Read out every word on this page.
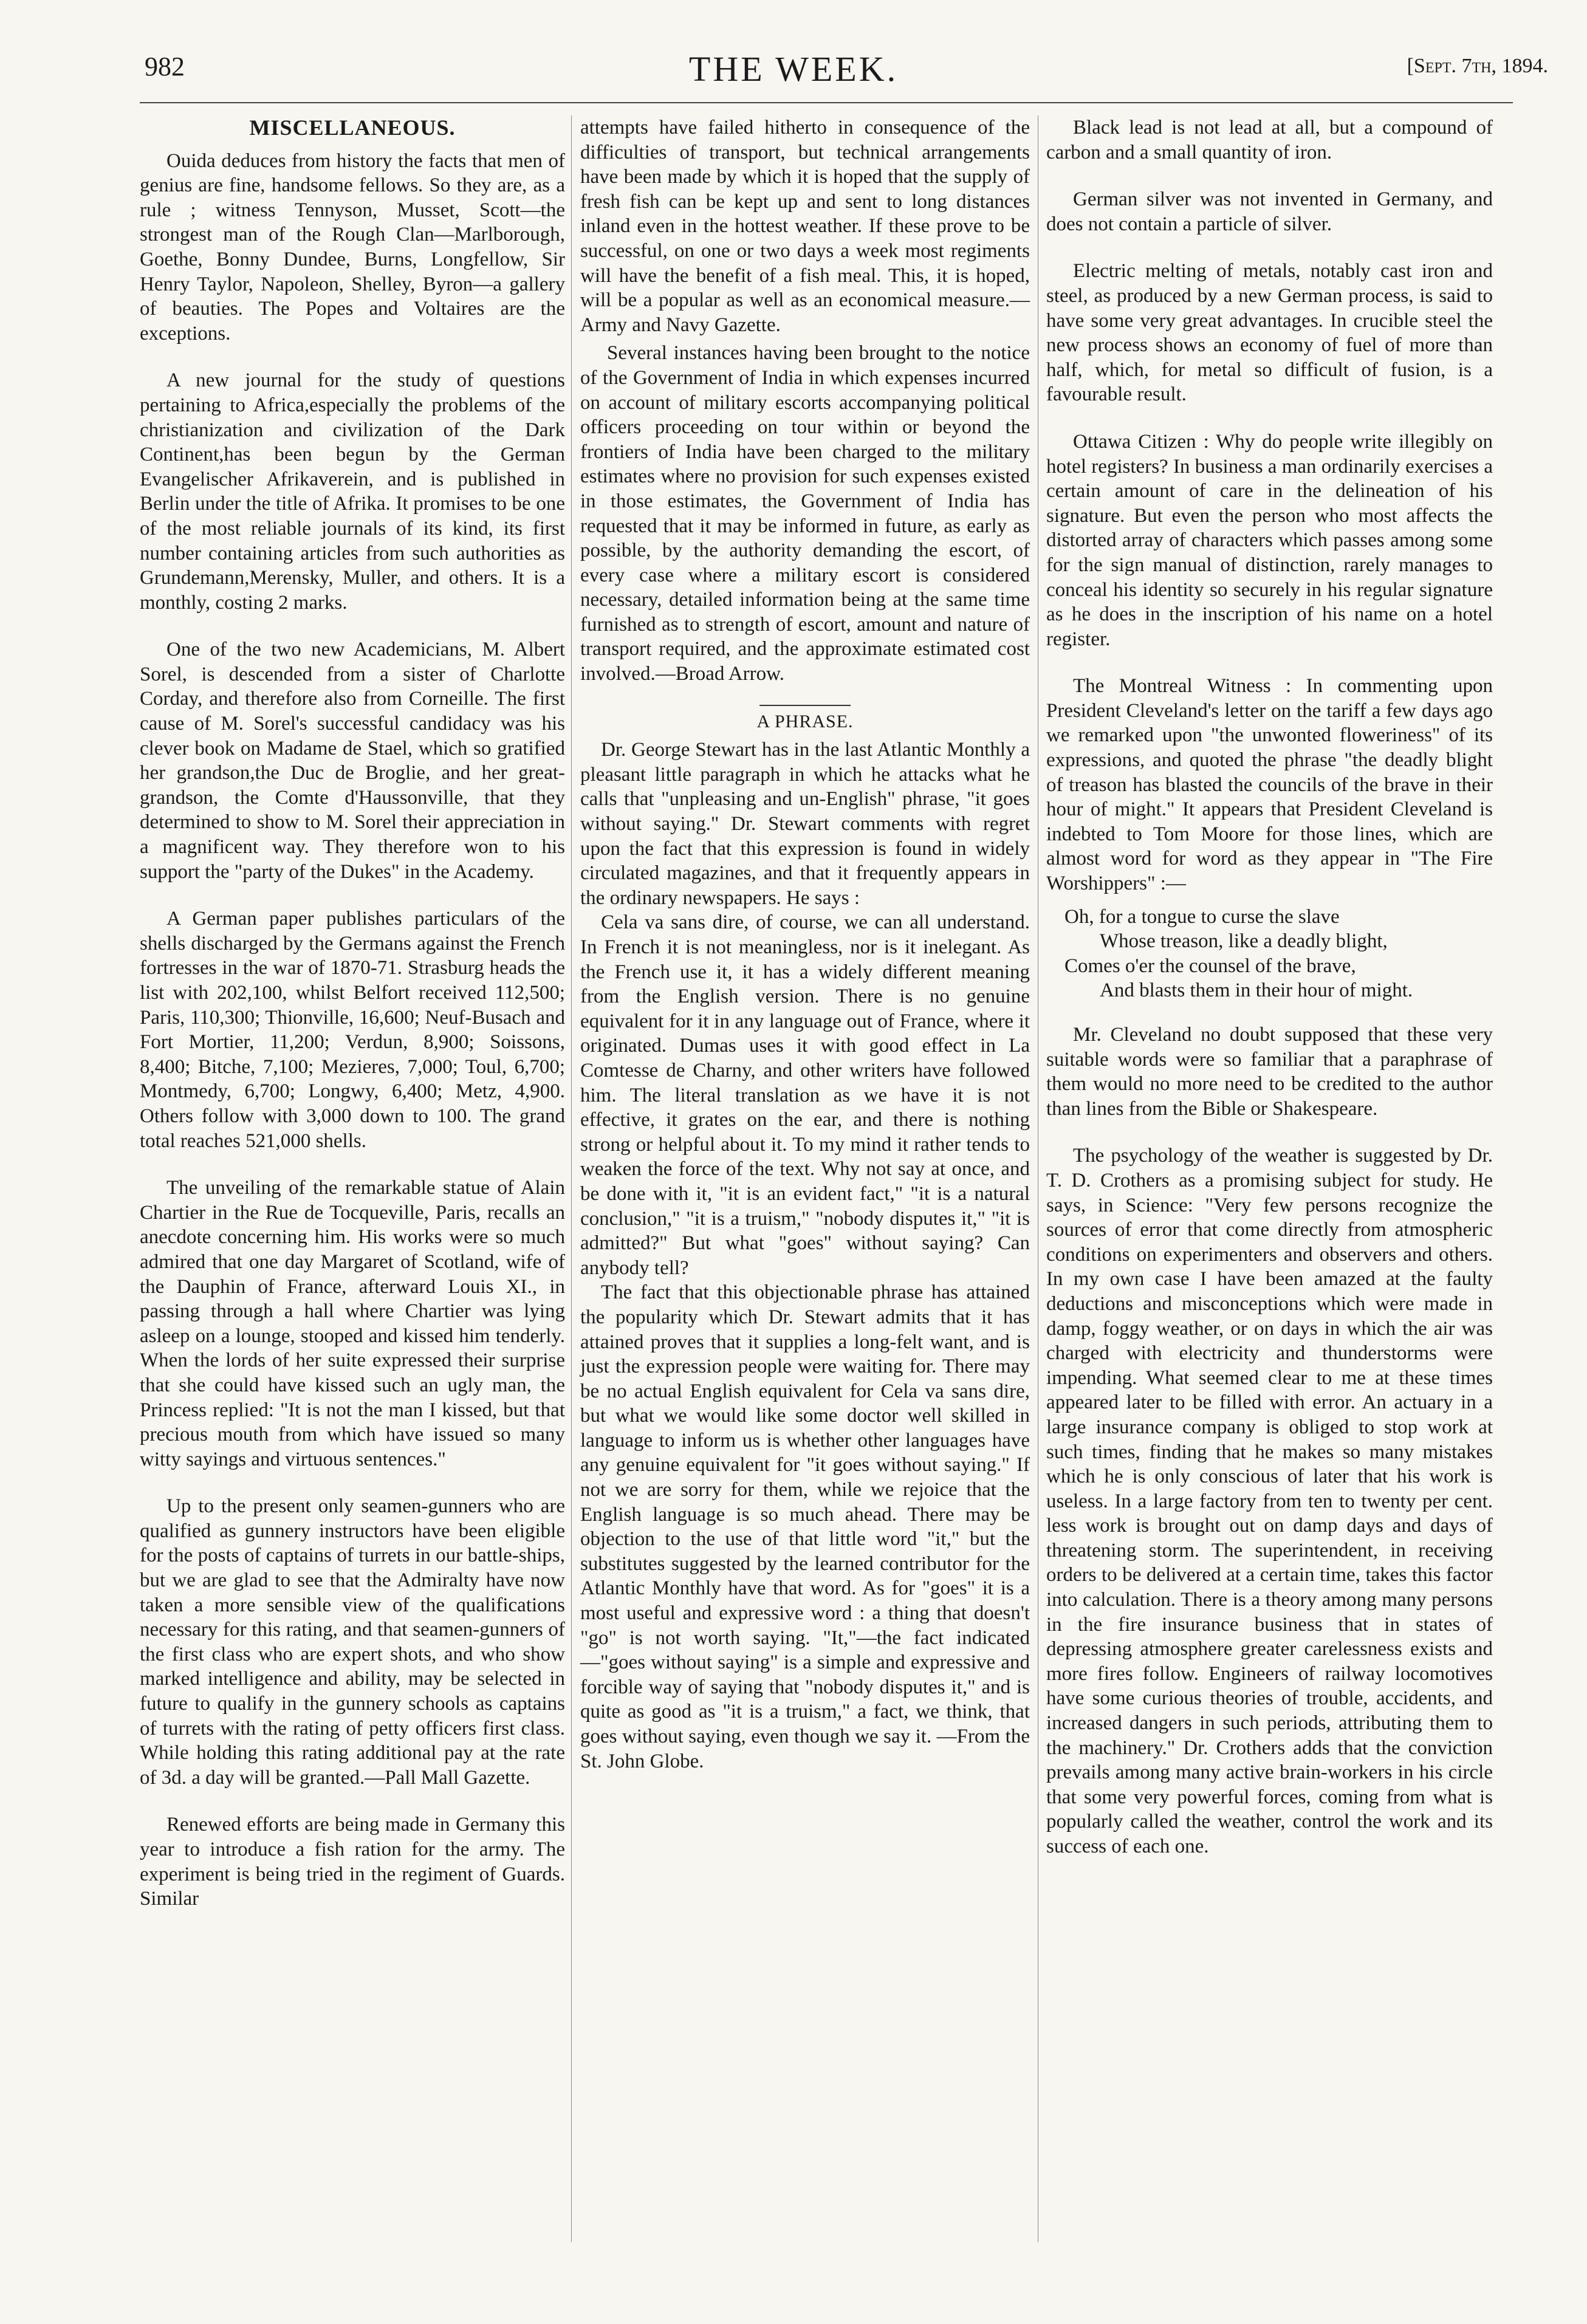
982	THE WEEK.	[Sept. 7th, 1894.
MISCELLANEOUS.

Ouida deduces from history the facts that men of genius are fine, handsome fellows. So they are, as a rule ; witness Tennyson, Musset, Scott—the strongest man of the Rough Clan—Marlborough, Goethe, Bonny Dundee, Burns, Longfellow, Sir Henry Taylor, Napoleon, Shelley, Byron—a gallery of beauties. The Popes and Voltaires are the exceptions.

A new journal for the study of questions pertaining to Africa,especially the problems of the christianization and civilization of the Dark Continent,has been begun by the German Evangelischer Afrikaverein, and is published in Berlin under the title of Afrika. It promises to be one of the most reliable journals of its kind, its first number containing articles from such authorities as Grundemann,Merensky, Muller, and others. It is a monthly, costing 2 marks.

One of the two new Academicians, M. Albert Sorel, is descended from a sister of Charlotte Corday, and therefore also from Corneille. The first cause of M. Sorel's successful candidacy was his clever book on Madame de Stael, which so gratified her grandson,the Duc de Broglie, and her great-grandson, the Comte d'Haussonville, that they determined to show to M. Sorel their appreciation in a magnificent way. They therefore won to his support the "party of the Dukes" in the Academy.

A German paper publishes particulars of the shells discharged by the Germans against the French fortresses in the war of 1870-71. Strasburg heads the list with 202,100, whilst Belfort received 112,500; Paris, 110,300; Thionville, 16,600; Neuf-Busach and Fort Mortier, 11,200; Verdun, 8,900; Soissons, 8,400; Bitche, 7,100; Mezieres, 7,000; Toul, 6,700; Montmedy, 6,700; Longwy, 6,400; Metz, 4,900. Others follow with 3,000 down to 100. The grand total reaches 521,000 shells.

The unveiling of the remarkable statue of Alain Chartier in the Rue de Tocqueville, Paris, recalls an anecdote concerning him. His works were so much admired that one day Margaret of Scotland, wife of the Dauphin of France, afterward Louis XI., in passing through a hall where Chartier was lying asleep on a lounge, stooped and kissed him tenderly. When the lords of her suite expressed their surprise that she could have kissed such an ugly man, the Princess replied: "It is not the man I kissed, but that precious mouth from which have issued so many witty sayings and virtuous sentences."

Up to the present only seamen-gunners who are qualified as gunnery instructors have been eligible for the posts of captains of turrets in our battle-ships, but we are glad to see that the Admiralty have now taken a more sensible view of the qualifications necessary for this rating, and that seamen-gunners of the first class who are expert shots, and who show marked intelligence and ability, may be selected in future to qualify in the gunnery schools as captains of turrets with the rating of petty officers first class. While holding this rating additional pay at the rate of 3d. a day will be granted.—Pall Mall Gazette.

Renewed efforts are being made in Germany this year to introduce a fish ration for the army. The experiment is being tried in the regiment of Guards. Similar

attempts have failed hitherto in consequence of the difficulties of transport, but technical arrangements have been made by which it is hoped that the supply of fresh fish can be kept up and sent to long distances inland even in the hottest weather. If these prove to be successful, on one or two days a week most regiments will have the benefit of a fish meal. This, it is hoped, will be a popular as well as an economical measure.—Army and Navy Gazette.

Several instances having been brought to the notice of the Government of India in which expenses incurred on account of military escorts accompanying political officers proceeding on tour within or beyond the frontiers of India have been charged to the military estimates where no provision for such expenses existed in those estimates, the Government of India has requested that it may be informed in future, as early as possible, by the authority demanding the escort, of every case where a military escort is considered necessary, detailed information being at the same time furnished as to strength of escort, amount and nature of transport required, and the approximate estimated cost involved.—Broad Arrow.

A PHRASE.

Dr. George Stewart has in the last Atlantic Monthly a pleasant little paragraph in which he attacks what he calls that "unpleasing and un-English" phrase, "it goes without saying." Dr. Stewart comments with regret upon the fact that this expression is found in widely circulated magazines, and that it frequently appears in the ordinary newspapers. He says :

Cela va sans dire, of course, we can all understand. In French it is not meaningless, nor is it inelegant. As the French use it, it has a widely different meaning from the English version. There is no genuine equivalent for it in any language out of France, where it originated. Dumas uses it with good effect in La Comtesse de Charny, and other writers have followed him. The literal translation as we have it is not effective, it grates on the ear, and there is nothing strong or helpful about it. To my mind it rather tends to weaken the force of the text. Why not say at once, and be done with it, "it is an evident fact," "it is a natural conclusion," "it is a truism," "nobody disputes it," "it is admitted?" But what "goes" without saying? Can anybody tell?

The fact that this objectionable phrase has attained the popularity which Dr. Stewart admits that it has attained proves that it supplies a long-felt want, and is just the expression people were waiting for. There may be no actual English equivalent for Cela va sans dire, but what we would like some doctor well skilled in language to inform us is whether other languages have any genuine equivalent for "it goes without saying." If not we are sorry for them, while we rejoice that the English language is so much ahead. There may be objection to the use of that little word "it," but the substitutes suggested by the learned contributor for the Atlantic Monthly have that word. As for "goes" it is a most useful and expressive word : a thing that doesn't "go" is not worth saying. "It,"—the fact indicated—"goes without saying" is a simple and expressive and forcible way of saying that "nobody disputes it," and is quite as good as "it is a truism," a fact, we think, that goes without saying, even though we say it. —From the St. John Globe.

Black lead is not lead at all, but a compound of carbon and a small quantity of iron.

German silver was not invented in Germany, and does not contain a particle of silver.

Electric melting of metals, notably cast iron and steel, as produced by a new German process, is said to have some very great advantages. In crucible steel the new process shows an economy of fuel of more than half, which, for metal so difficult of fusion, is a favourable result.

Ottawa Citizen : Why do people write illegibly on hotel registers? In business a man ordinarily exercises a certain amount of care in the delineation of his signature. But even the person who most affects the distorted array of characters which passes among some for the sign manual of distinction, rarely manages to conceal his identity so securely in his regular signature as he does in the inscription of his name on a hotel register.

The Montreal Witness : In commenting upon President Cleveland's letter on the tariff a few days ago we remarked upon "the unwonted floweriness" of its expressions, and quoted the phrase "the deadly blight of treason has blasted the councils of the brave in their hour of might." It appears that President Cleveland is indebted to Tom Moore for those lines, which are almost word for word as they appear in "The Fire Worshippers" :—

Oh, for a tongue to curse the slave
Whose treason, like a deadly blight,
Comes o'er the counsel of the brave,
And blasts them in their hour of might.

Mr. Cleveland no doubt supposed that these very suitable words were so familiar that a paraphrase of them would no more need to be credited to the author than lines from the Bible or Shakespeare.

The psychology of the weather is suggested by Dr. T. D. Crothers as a promising subject for study. He says, in Science: "Very few persons recognize the sources of error that come directly from atmospheric conditions on experimenters and observers and others. In my own case I have been amazed at the faulty deductions and misconceptions which were made in damp, foggy weather, or on days in which the air was charged with electricity and thunderstorms were impending. What seemed clear to me at these times appeared later to be filled with error. An actuary in a large insurance company is obliged to stop work at such times, finding that he makes so many mistakes which he is only conscious of later that his work is useless. In a large factory from ten to twenty per cent. less work is brought out on damp days and days of threatening storm. The superintendent, in receiving orders to be delivered at a certain time, takes this factor into calculation. There is a theory among many persons in the fire insurance business that in states of depressing atmosphere greater carelessness exists and more fires follow. Engineers of railway locomotives have some curious theories of trouble, accidents, and increased dangers in such periods, attributing them to the machinery." Dr. Crothers adds that the conviction prevails among many active brain-workers in his circle that some very powerful forces, coming from what is popularly called the weather, control the work and its success of each one.
